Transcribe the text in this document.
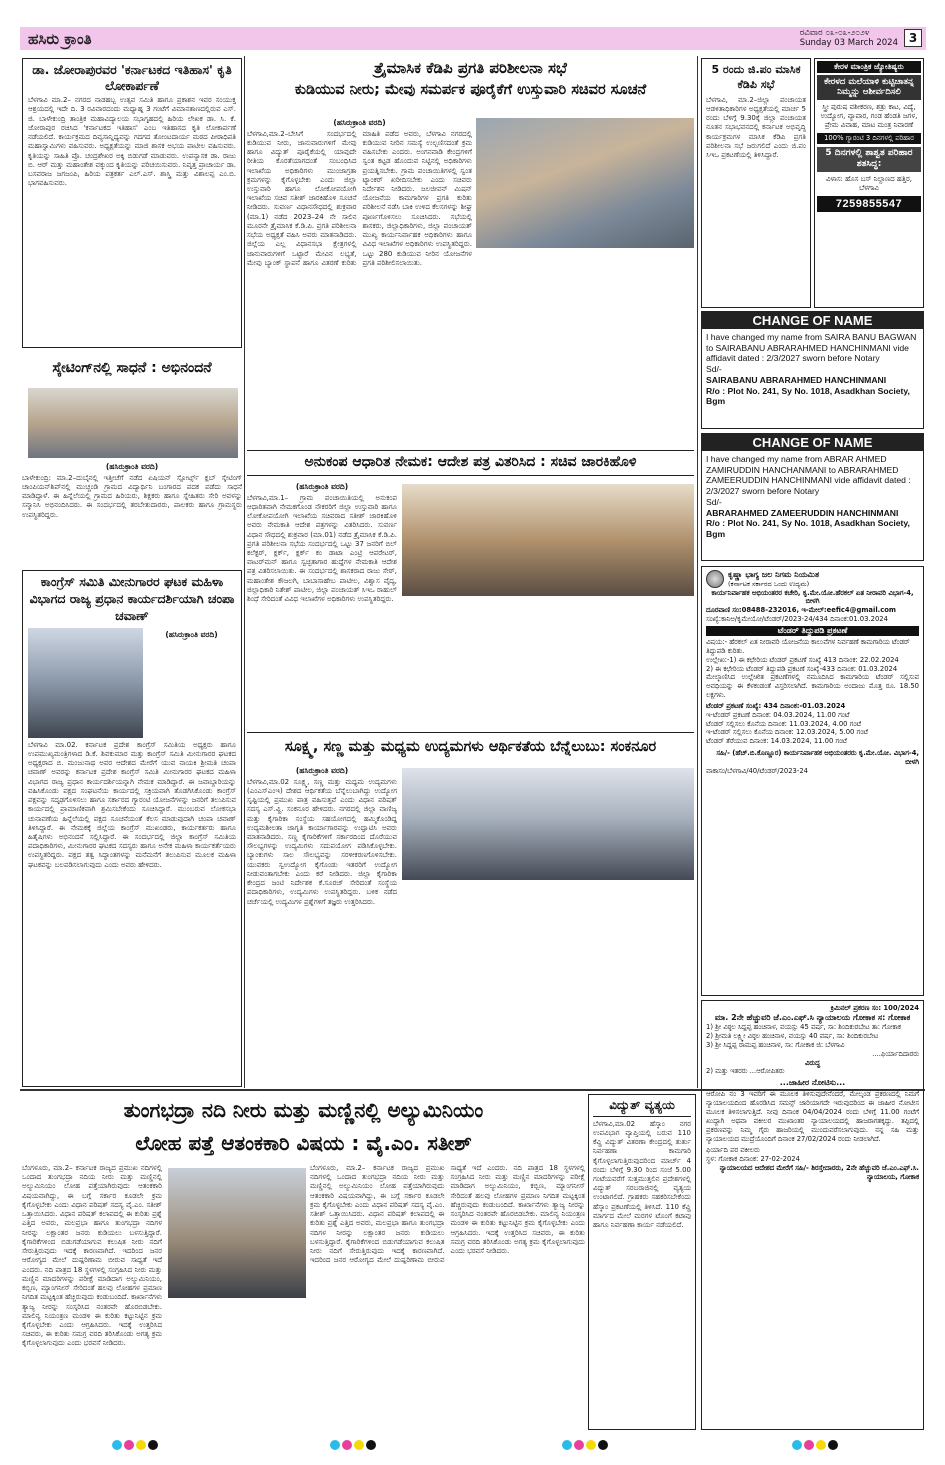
ಹಸಿರು ಕ್ರಾಂತಿ	ರವಿವಾರ ೦೩-೦೩-೨೦೨೪
Sunday 03 March 2024 3
ಡಾ. ಜೋರಾಪುರವರ 'ಕರ್ನಾಟಕದ ಇತಿಹಾಸ' ಕೃತಿ ಲೋಕಾರ್ಪಣೆ
ಬೆಳಗಾವಿ ಮಾ.2– ನಗರದ ನಾಡಹಬ್ಬ ಉತ್ಸವ ಸಮಿತಿ ಹಾಗೂ ಪ್ರಕಾಶನ ಇವರ ಸಂಯುಕ್ತ ಆಶ್ರಯದಲ್ಲಿ ಇದೇ ದಿ. 3 ರವಿವಾರದಂದು ಮಧ್ಯಾಹ್ನ 3 ಗಂಟೆಗೆ ವಿಮಾನತಾಣದಲ್ಲಿರುವ ಎಸ್. ಜಿ. ಬಾಳೇಕುಂದ್ರಿ ತಾಂತ್ರಿಕ ಮಹಾವಿದ್ಯಾಲಯ ಸಭಾಗೃಹದಲ್ಲಿ ಹಿರಿಯ ಲೇಖಕ ಡಾ. ಸಿ. ಕೆ. ಜೋರಾಪುರ ರಚಿಸಿದ 'ಕರ್ನಾಟಕದ ಇತಿಹಾಸ' ಎಂಬ ಇತಿಹಾಸದ ಕೃತಿ ಲೋಕಾರ್ಪಣೆ ನಡೆಯಲಿದೆ. ಕಾರ್ಯಕ್ರಮದ ದಿವ್ಯಸಾನ್ನಿಧ್ಯವನ್ನು ಗದಗದ ತೋಂಟದಾರ್ಯ ಮಠದ ಪೀಠಾಧಿಪತಿ ಮಹಾಸ್ವಾಮಿಗಳು ವಹಿಸುವರು. ಅಧ್ಯಕ್ಷತೆಯನ್ನು ಮಾಜಿ ಶಾಸಕ ಅಭಯ ಪಾಟೀಲ ವಹಿಸುವರು. ಕೃತಿಯನ್ನು ಸಾಹಿತಿ ಪ್ರೊ. ಚಂದ್ರಶೇಖರ ಅಕ್ಕಿ ಬಿಡುಗಡೆ ಮಾಡುವರು. ಉಪನ್ಯಾಸಕ ಡಾ. ರಾಜು ಬಿ. ಆರ್ ಮತ್ತು ಮಹಾಂತೇಶ ವಕ್ಕುಂದ ಕೃತಿಯನ್ನು ಪರಿಚಯಿಸುವರು. ನಿವೃತ್ತ ಪ್ರಾಚಾರ್ಯ ಡಾ. ಬಸವರಾಜ ಜಗಜಂಪಿ, ಹಿರಿಯ ಪತ್ರಕರ್ತ ಎಲ್.ಎಸ್. ಶಾಸ್ತ್ರಿ ಮತ್ತು ವಿಶಾಲಪ್ಪ ಎಂ.ಬಿ. ಭಾಗವಹಿಸುವರು.
ಸ್ಕೇಟಿಂಗ್‌ನಲ್ಲಿ ಸಾಧನೆ : ಅಭಿನಂದನೆ
(ಹಸಿರುಕ್ರಾಂತಿ ವರದಿ)
ಬಾಳೇಕುಂದ್ರಿ: ಮಾ.2–ದುಬೈನಲ್ಲಿ ಇತ್ತೀಚೆಗೆ ನಡೆದ ಏಷಿಯನ್ ಸ್ಪೋರ್ಟ್ಸ್ ಕ್ಲಬ್ ಸ್ಕೇಟಿಂಗ್ ಚಾಂಪಿಯನ್‌ಶಿಪ್‌ನಲ್ಲಿ ಮುಚ್ಚಂಡಿ ಗ್ರಾಮದ ವಿದ್ಯಾರ್ಥಿನಿ ಬಂಗಾರದ ಪದಕ ಪಡೆದು ಸಾಧನೆ ಮಾಡಿದ್ದಾಳೆ. ಈ ಹಿನ್ನೆಲೆಯಲ್ಲಿ ಗ್ರಾಮದ ಹಿರಿಯರು, ಶಿಕ್ಷಕರು ಹಾಗೂ ಸ್ನೇಹಿತರು ಸೇರಿ ಅವಳನ್ನು ಸನ್ಮಾನಿಸಿ ಅಭಿನಂದಿಸಿದರು. ಈ ಸಂದರ್ಭದಲ್ಲಿ ತರಬೇತುದಾರರು, ಪಾಲಕರು ಹಾಗೂ ಗ್ರಾಮಸ್ಥರು ಉಪಸ್ಥಿತರಿದ್ದರು.
ಕಾಂಗ್ರೆಸ್ ಸಮಿತಿ ಮೀನುಗಾರರ ಘಟಕ ಮಹಿಳಾ ವಿಭಾಗದ ರಾಜ್ಯ ಪ್ರಧಾನ ಕಾರ್ಯದರ್ಶಿಯಾಗಿ ಚಂಪಾ ಚವಾಣ್
(ಹಸಿರುಕ್ರಾಂತಿ ವರದಿ)
ಬೆಳಗಾವಿ ಮಾ.02. ಕರ್ನಾಟಕ ಪ್ರದೇಶ ಕಾಂಗ್ರೆಸ್ ಸಮಿತಿಯ ಅಧ್ಯಕ್ಷರು ಹಾಗೂ ಉಪಮುಖ್ಯಮಂತ್ರಿಗಳಾದ ಡಿ.ಕೆ. ಶಿವಕುಮಾರ ಮತ್ತು ಕಾಂಗ್ರೆಸ್ ಸಮಿತಿ ಮೀನುಗಾರರ ಘಟಕದ ಅಧ್ಯಕ್ಷರಾದ ಬಿ. ಮಂಜುನಾಥ ಅವರ ಆದೇಶದ ಮೇರೆಗೆ ಯುವ ನಾಯಕಿ ಶ್ರೀಮತಿ ಚಂಪಾ ಚವಾಣ್ ಅವರನ್ನು ಕರ್ನಾಟಕ ಪ್ರದೇಶ ಕಾಂಗ್ರೆಸ್ ಸಮಿತಿ ಮೀನುಗಾರರ ಘಟಕದ ಮಹಿಳಾ ವಿಭಾಗದ ರಾಜ್ಯ ಪ್ರಧಾನ ಕಾರ್ಯದರ್ಶಿಯನ್ನಾಗಿ ನೇಮಕ ಮಾಡಿದ್ದಾರೆ. ಈ ಜವಾಬ್ದಾರಿಯನ್ನು ವಹಿಸಿಕೊಂಡು ಪಕ್ಷದ ಸಂಘಟನೆಯ ಕಾರ್ಯದಲ್ಲಿ ಸಕ್ರಿಯವಾಗಿ ತೊಡಗಿಸಿಕೊಂಡು ಕಾಂಗ್ರೆಸ್ ಪಕ್ಷವನ್ನು ಸದೃಢಗೊಳಿಸಲು ಹಾಗೂ ಸರ್ಕಾರದ ಗ್ಯಾರಂಟಿ ಯೋಜನೆಗಳನ್ನು ಜನರಿಗೆ ತಲುಪಿಸುವ ಕಾರ್ಯದಲ್ಲಿ ಪ್ರಾಮಾಣಿಕವಾಗಿ ಶ್ರಮಿಸಬೇಕೆಂದು ಸೂಚಿಸಿದ್ದಾರೆ. ಮುಂಬರುವ ಲೋಕಸಭಾ ಚುನಾವಣೆಯ ಹಿನ್ನೆಲೆಯಲ್ಲಿ ಪಕ್ಷದ ಸೂಚನೆಯಂತೆ ಕೆಲಸ ಮಾಡುವುದಾಗಿ ಚಂಪಾ ಚವಾಣ್ ತಿಳಿಸಿದ್ದಾರೆ. ಈ ನೇಮಕಕ್ಕೆ ಜಿಲ್ಲೆಯ ಕಾಂಗ್ರೆಸ್ ಮುಖಂಡರು, ಕಾರ್ಯಕರ್ತರು ಹಾಗೂ ಹಿತೈಷಿಗಳು ಅಭಿನಂದನೆ ಸಲ್ಲಿಸಿದ್ದಾರೆ. ಈ ಸಂದರ್ಭದಲ್ಲಿ ಜಿಲ್ಲಾ ಕಾಂಗ್ರೆಸ್ ಸಮಿತಿಯ ಪದಾಧಿಕಾರಿಗಳು, ಮೀನುಗಾರರ ಘಟಕದ ಸದಸ್ಯರು ಹಾಗೂ ಅನೇಕ ಮಹಿಳಾ ಕಾರ್ಯಕರ್ತೆಯರು ಉಪಸ್ಥಿತರಿದ್ದರು. ಪಕ್ಷದ ತತ್ವ ಸಿದ್ಧಾಂತಗಳನ್ನು ಮನೆಮನೆಗೆ ತಲುಪಿಸುವ ಮೂಲಕ ಮಹಿಳಾ ಘಟಕವನ್ನು ಬಲಪಡಿಸಲಾಗುವುದು ಎಂದು ಅವರು ಹೇಳಿದರು.
ತ್ರೈಮಾಸಿಕ ಕೆಡಿಪಿ ಪ್ರಗತಿ ಪರಿಶೀಲನಾ ಸಭೆ
ಕುಡಿಯುವ ನೀರು; ಮೇವು ಸಮರ್ಪಕ ಪೂರೈಕೆಗೆ ಉಸ್ತುವಾರಿ ಸಚಿವರ ಸೂಚನೆ
(ಹಸಿರುಕ್ರಾಂತಿ ವರದಿ)
ಬೆಳಗಾವಿ,ಮಾ.2–ಬೇಸಿಗೆ ಸಂದರ್ಭದಲ್ಲಿ ಕುಡಿಯುವ ನೀರು, ಜಾನುವಾರುಗಳಿಗೆ ಮೇವು ಹಾಗೂ ವಿದ್ಯುತ್ ಪೂರೈಕೆಯಲ್ಲಿ ಯಾವುದೇ ರೀತಿಯ ಕೊರತೆಯಾಗದಂತೆ ಸಂಬಂಧಿಸಿದ ಇಲಾಖೆಯ ಅಧಿಕಾರಿಗಳು ಮುಂಜಾಗ್ರತಾ ಕ್ರಮಗಳನ್ನು ಕೈಗೊಳ್ಳಬೇಕು ಎಂದು ಜಿಲ್ಲಾ ಉಸ್ತುವಾರಿ ಹಾಗೂ ಲೋಕೋಪಯೋಗಿ ಇಲಾಖೆಯ ಸಚಿವ ಸತೀಶ್ ಜಾರಕಿಹೊಳಿ ಸೂಚನೆ ನೀಡಿದರು. ಸುವರ್ಣ ವಿಧಾನಸೌಧದಲ್ಲಿ ಶುಕ್ರವಾರ (ಮಾ.1) ನಡೆದ 2023–24 ನೇ ಸಾಲಿನ ಮೂರನೇ ತ್ರೈಮಾಸಿಕ ಕೆ.ಡಿ.ಪಿ. ಪ್ರಗತಿ ಪರಿಶೀಲನಾ ಸಭೆಯ ಅಧ್ಯಕ್ಷತೆ ವಹಿಸಿ ಅವರು ಮಾತನಾಡಿದರು. ಜಿಲ್ಲೆಯ ಎಲ್ಲ ವಿಧಾನಸಭಾ ಕ್ಷೇತ್ರಗಳಲ್ಲಿ ಜಾನುವಾರುಗಳಿಗೆ ಒಟ್ಟಾರೆ ಮೇವಿನ ಲಭ್ಯತೆ, ಮೇವು ಬ್ಯಾಂಕ್ ಸ್ಥಾಪನೆ ಹಾಗೂ ವಿತರಣೆ ಕುರಿತು ಮಾಹಿತಿ ಪಡೆದ ಅವರು, ಬೆಳಗಾವಿ ನಗರದಲ್ಲಿ ಕುಡಿಯುವ ನೀರಿನ ಸಮಸ್ಯೆ ಉಲ್ಬಣಿಸದಂತೆ ಕ್ರಮ ವಹಿಸಬೇಕು ಎಂದರು. ಅಂಗನವಾಡಿ ಕೇಂದ್ರಗಳಿಗೆ ಸ್ವಂತ ಕಟ್ಟಡ ಹೊಂದುವ ನಿಟ್ಟಿನಲ್ಲಿ ಅಧಿಕಾರಿಗಳು ಪ್ರಯತ್ನಿಸಬೇಕು. ಗ್ರಾಮ ಪಂಚಾಯಿತಿಗಳಲ್ಲಿ ಸ್ವಂತ ಟ್ಯಾಂಕರ್ ಖರೀದಿಸಬೇಕು ಎಂದು ಸಚಿವರು ನಿರ್ದೇಶನ ನೀಡಿದರು. ಜಲಜೀವನ್ ಮಿಷನ್ ಯೋಜನೆಯ ಕಾಮಗಾರಿಗಳ ಪ್ರಗತಿ ಕುರಿತು ಪರಿಶೀಲನೆ ನಡೆಸಿ ಬಾಕಿ ಉಳಿದ ಕೆಲಸಗಳನ್ನು ಶೀಘ್ರ ಪೂರ್ಣಗೊಳಿಸಲು ಸೂಚಿಸಿದರು. ಸಭೆಯಲ್ಲಿ ಶಾಸಕರು, ಜಿಲ್ಲಾಧಿಕಾರಿಗಳು, ಜಿಲ್ಲಾ ಪಂಚಾಯತ್ ಮುಖ್ಯ ಕಾರ್ಯನಿರ್ವಾಹಕ ಅಧಿಕಾರಿಗಳು ಹಾಗೂ ವಿವಿಧ ಇಲಾಖೆಗಳ ಅಧಿಕಾರಿಗಳು ಉಪಸ್ಥಿತರಿದ್ದರು. ಒಟ್ಟು 280 ಕುಡಿಯುವ ನೀರಿನ ಯೋಜನೆಗಳ ಪ್ರಗತಿ ಪರಿಶೀಲಿಸಲಾಯಿತು.
ಅನುಕಂಪ ಆಧಾರಿತ ನೇಮಕ: ಆದೇಶ ಪತ್ರ ವಿತರಿಸಿದ : ಸಚಿವ ಜಾರಕಿಹೊಳಿ
(ಹಸಿರುಕ್ರಾಂತಿ ವರದಿ)
ಬೆಳಗಾವಿ,ಮಾ.1– ಗ್ರಾಮ ಪಂಚಾಯಿತಿಯಲ್ಲಿ ಅನುಕಂಪ ಆಧಾರಿತವಾಗಿ ನೇಮಕಗೊಂಡ ನೌಕರರಿಗೆ ಜಿಲ್ಲಾ ಉಸ್ತುವಾರಿ ಹಾಗೂ ಲೋಕೋಪಯೋಗಿ ಇಲಾಖೆಯ ಸಚಿವರಾದ ಸತೀಶ್ ಜಾರಕಿಹೊಳಿ ಅವರು ನೇಮಕಾತಿ ಆದೇಶ ಪತ್ರಗಳನ್ನು ವಿತರಿಸಿದರು. ಸುವರ್ಣ ವಿಧಾನ ಸೌಧದಲ್ಲಿ ಶುಕ್ರವಾರ (ಮಾ.01) ನಡೆದ ತ್ರೈಮಾಸಿಕ ಕೆ.ಡಿ.ಪಿ. ಪ್ರಗತಿ ಪರಿಶೀಲನಾ ಸಭೆಯ ಸಂದರ್ಭದಲ್ಲಿ ಒಟ್ಟು 37 ಜನರಿಗೆ ಬಿಲ್ ಕಲೆಕ್ಟರ್, ಕ್ಲರ್ಕ್, ಕ್ಲರ್ಕ್ ಕಂ ಡಾಟಾ ಎಂಟ್ರಿ ಆಪರೇಟರ್, ವಾಟರ್‌ಮನ್ ಹಾಗೂ ಸ್ವಚ್ಛತಾಗಾರ ಹುದ್ದೆಗಳ ನೇಮಕಾತಿ ಆದೇಶ ಪತ್ರ ವಿತರಿಸಲಾಯಿತು. ಈ ಸಂದರ್ಭದಲ್ಲಿ ಶಾಸಕರಾದ ರಾಜು ಸೇಠ್, ಮಹಾಂತೇಶ ಕೌಜಲಗಿ, ಬಾಬಾಸಾಹೇಬ ಪಾಟೀಲ, ವಿಶ್ವಾಸ ವೈದ್ಯ, ಜಿಲ್ಲಾಧಿಕಾರಿ ನಿತೇಶ್ ಪಾಟೀಲ, ಜಿಲ್ಲಾ ಪಂಚಾಯತ್ ಸಿಇಒ ರಾಹುಲ್ ಶಿಂಧೆ ಸೇರಿದಂತೆ ವಿವಿಧ ಇಲಾಖೆಗಳ ಅಧಿಕಾರಿಗಳು ಉಪಸ್ಥಿತರಿದ್ದರು.
ಸೂಕ್ಷ್ಮ, ಸಣ್ಣ ಮತ್ತು ಮಧ್ಯಮ ಉದ್ಯಮಗಳು ಆರ್ಥಿಕತೆಯ ಬೆನ್ನೆಲುಬು: ಸಂಕನೂರ
(ಹಸಿರುಕ್ರಾಂತಿ ವರದಿ)
ಬೆಳಗಾವಿ,ಮಾ.02 ಸೂಕ್ಷ್ಮ, ಸಣ್ಣ ಮತ್ತು ಮಧ್ಯಮ ಉದ್ಯಮಗಳು (ಎಂಎಸ್‌ಎಂಇ) ದೇಶದ ಆರ್ಥಿಕತೆಯ ಬೆನ್ನೆಲುಬಾಗಿದ್ದು ಉದ್ಯೋಗ ಸೃಷ್ಟಿಯಲ್ಲಿ ಪ್ರಮುಖ ಪಾತ್ರ ವಹಿಸುತ್ತವೆ ಎಂದು ವಿಧಾನ ಪರಿಷತ್ ಸದಸ್ಯ ಎಸ್.ವ್ಹಿ. ಸಂಕನೂರ ಹೇಳಿದರು. ನಗರದಲ್ಲಿ ಜಿಲ್ಲಾ ವಾಣಿಜ್ಯ ಮತ್ತು ಕೈಗಾರಿಕಾ ಸಂಸ್ಥೆಯ ಸಹಯೋಗದಲ್ಲಿ ಹಮ್ಮಿಕೊಂಡಿದ್ದ ಉದ್ಯಮಶೀಲತಾ ಜಾಗೃತಿ ಕಾರ್ಯಾಗಾರವನ್ನು ಉದ್ಘಾಟಿಸಿ ಅವರು ಮಾತನಾಡಿದರು. ಸಣ್ಣ ಕೈಗಾರಿಕೆಗಳಿಗೆ ಸರ್ಕಾರದಿಂದ ದೊರೆಯುವ ಸೌಲಭ್ಯಗಳನ್ನು ಉದ್ಯಮಿಗಳು ಸದುಪಯೋಗ ಪಡಿಸಿಕೊಳ್ಳಬೇಕು. ಬ್ಯಾಂಕುಗಳು ಸಾಲ ಸೌಲಭ್ಯವನ್ನು ಸರಳೀಕರಣಗೊಳಿಸಬೇಕು. ಯುವಕರು ಸ್ವಉದ್ಯೋಗ ಕೈಗೊಂಡು ಇತರರಿಗೆ ಉದ್ಯೋಗ ನೀಡುವಂತಾಗಬೇಕು ಎಂದು ಕರೆ ನೀಡಿದರು. ಜಿಲ್ಲಾ ಕೈಗಾರಿಕಾ ಕೇಂದ್ರದ ಜಂಟಿ ನಿರ್ದೇಶಕ ಕೆ.ಸೂರಜ್ ಸೇರಿದಂತೆ ಸಂಸ್ಥೆಯ ಪದಾಧಿಕಾರಿಗಳು, ಉದ್ಯಮಿಗಳು ಉಪಸ್ಥಿತರಿದ್ದರು. ಬಳಿಕ ನಡೆದ ಚರ್ಚೆಯಲ್ಲಿ ಉದ್ಯಮಿಗಳ ಪ್ರಶ್ನೆಗಳಿಗೆ ತಜ್ಞರು ಉತ್ತರಿಸಿದರು.
5 ರಂದು ಜಿ.ಪಂ ಮಾಸಿಕ ಕೆಡಿಪಿ ಸಭೆ
ಬೆಳಗಾವಿ, ಮಾ.2–ಜಿಲ್ಲಾ ಪಂಚಾಯತ ಆಡಳಿತಾಧಿಕಾರಿಗಳ ಅಧ್ಯಕ್ಷತೆಯಲ್ಲಿ ಮಾರ್ಚ 5 ರಂದು ಬೆಳಿಗ್ಗೆ 9.30ಕ್ಕೆ ಜಿಲ್ಲಾ ಪಂಚಾಯತ ನೂತನ ಸಭಾಭವನದಲ್ಲಿ ಕರ್ನಾಟಕ ಅಭಿವೃದ್ಧಿ ಕಾರ್ಯಕ್ರಮಗಳ ಮಾಸಿಕ ಕೆಡಿಪಿ ಪ್ರಗತಿ ಪರಿಶೀಲನಾ ಸಭೆ ಜರುಗಲಿದೆ ಎಂದು ಜಿ.ಪಂ ಸಿಇಒ ಪ್ರಕಟಣೆಯಲ್ಲಿ ತಿಳಿಸಿದ್ದಾರೆ.
ಕೇರಳ ಮಾಂತ್ರಿಕ ಜ್ಯೋತಿಷ್ಯರು
ಕೇರಳದ ಮಲೆಯಾಳಿ ಕುಟ್ಟಿಚಾತನ್ನ ನಿಮ್ಮನ್ನು ಆಶೀರ್ವದಿಸಲಿ
ಸ್ತ್ರೀ ಪುರುಷ ವಶೀಕರಣ, ಶತ್ರು ಕಾಟ, ವಿದ್ಯೆ, ಉದ್ಯೋಗ, ವ್ಯಾಪಾರ, ಗಂಡ ಹೆಂಡತಿ ಜಗಳ, ಪ್ರೇಮ ವಿವಾಹ, ಮಾಟ ಮಂತ್ರ ನಿವಾರಣೆ
100% ಗ್ಯಾರಂಟಿ 3 ದಿನಗಳಲ್ಲಿ ಪರಿಹಾರ
5 ದಿನಗಳಲ್ಲಿ ಶಾಶ್ವತ ಪರಿಹಾರ ಶತಸಿದ್ಧ:
ವಿಳಾಸ: ಹೊಸ ಬಸ್ ನಿಲ್ದಾಣದ ಹತ್ತಿರ, ಬೆಳಗಾವಿ
7259855547
CHANGE OF NAME
I have changed my name from SAIRA BANU BAGWAN to SAIRABANU ABRARAHMED HANCHINMANI vide affidavit dated : 2/3/2027 sworn before Notary
Sd/-
SAIRABANU ABRARAHMED HANCHINMANI
R/o : Plot No. 241, Sy No. 1018, Asadkhan Society, Bgm
CHANGE OF NAME
I have changed my name from ABRAR AHMED ZAMIRUDDIN HANCHANMANI to ABRARAHMED ZAMEERUDDIN HANCHINMANI vide affidavit dated : 2/3/2027 sworn before Notary
Sd/-
ABRARAHMED ZAMEERUDDIN HANCHINMANI
R/o : Plot No. 241, Sy No. 1018, Asadkhan Society, Bgm
ಕೃಷ್ಣಾ ಭಾಗ್ಯ ಜಲ ನಿಗಮ ನಿಯಮಿತ
(ಕರ್ನಾಟಕ ಸರ್ಕಾರದ ಒಂದು ಉದ್ಯಮ)
ಕಾರ್ಯನಿರ್ವಾಹಕ ಅಭಿಯಂತರರ ಕಚೇರಿ, ಕೃ.ಮೇ.ಯೋ.ಹೆರಕಲ್ ಏತ ನೀರಾವರಿ ವಿಭಾಗ-4, ಬೀಳಗಿ
ದೂರವಾಣಿ ಸಂ:08488-232016, ಇ-ಮೇಲ್:eefic4@gmail.com
ಸಂಖ್ಯೆ:ಕಾನಿಅ/ಕೃಮೇಯೋ/ಟೆಂಡರ್/2023-24/434 ದಿನಾಂಕ:01.03.2024
ಟೆಂಡರ್ ತಿದ್ದುಪಡಿ ಪ್ರಕಟಣೆ
ವಿಷಯ:- ಹೆರಕಲ್ ಏತ ನೀರಾವರಿ ಯೋಜನೆಯ ಕಾಲುವೆಗಳ ನಿರ್ವಹಣೆ ಕಾಮಗಾರಿಯ ಟೆಂಡರ್ ತಿದ್ದುಪಡಿ ಕುರಿತು.
ಉಲ್ಲೇಖ:-1) ಈ ಕಛೇರಿಯ ಟೆಂಡರ್ ಪ್ರಕಟಣೆ ಸಂಖ್ಯೆ 413 ದಿನಾಂಕ: 22.02.2024
2) ಈ ಕಛೇರಿಯ ಟೆಂಡರ್ ತಿದ್ದುಪಡಿ ಪ್ರಕಟಣೆ ಸಂಖ್ಯೆ-433 ದಿನಾಂಕ: 01.03.2024
ಮೇಲ್ಕಾಣಿಸಿದ ಉಲ್ಲೇಖಿತ ಪ್ರಕಟಣೆಗಳಲ್ಲಿ ನಮೂದಿಸಿದ ಕಾಮಗಾರಿಯ ಟೆಂಡರ್ ಸಲ್ಲಿಸುವ ಅವಧಿಯನ್ನು ಈ ಕೆಳಕಂಡಂತೆ ವಿಸ್ತರಿಸಲಾಗಿದೆ. ಕಾಮಗಾರಿಯ ಅಂದಾಜು ಮೊತ್ತ ರೂ. 18.50 ಲಕ್ಷಗಳು.
ಟೆಂಡರ್ ಪ್ರಕಟಣೆ ಸಂಖ್ಯೆ: 434 ದಿನಾಂಕ:-01.03.2024
ಇ-ಟೆಂಡರ್ ಪ್ರಕಟಣೆ ದಿನಾಂಕ: 04.03.2024, 11.00 ಗಂಟೆ
ಟೆಂಡರ್ ಸಲ್ಲಿಸಲು ಕೊನೆಯ ದಿನಾಂಕ: 11.03.2024, 4.00 ಗಂಟೆ
ಇ-ಟೆಂಡರ್ ಸಲ್ಲಿಸಲು ಕೊನೆಯ ದಿನಾಂಕ: 12.03.2024, 5.00 ಗಂಟೆ
ಟೆಂಡರ್ ತೆರೆಯುವ ದಿನಾಂಕ: 14.03.2024, 11.00 ಗಂಟೆ
ಸಹಿ/- (ಹೆಚ್.ಬಿ.ಕೊಣ್ಣೂರ) ಕಾರ್ಯನಿರ್ವಾಹಕ ಅಭಿಯಂತರರು ಕೃ.ಮೇ.ಯೋ. ವಿಭಾಗ-4, ಬೀಳಗಿ
ವಾಕಾಸಂ/ಬೆಳಗಾವಿ/40/ಟೆಂಡರ್/2023-24
ಕ್ರಿಮಿನಲ್ ಪ್ರಕರಣ ಸಂ: 100/2024
ಮಾ. 2ನೇ ಹೆಚ್ಚುವರಿ ಜೆ.ಎಂ.ಎಫ್.ಸಿ ನ್ಯಾಯಾಲಯ ಗೋಕಾಕ ಸ: ಗೋಕಾಕ
1) ಶ್ರೀ ವಿಠ್ಠಲ ಸಿದ್ದಪ್ಪ ಹಂಚಿನಾಳ, ವಯಸ್ಸು 45 ವರ್ಷ, ಸಾ: ಶಿಂದಿಕುರಬೇಟ ತಾ: ಗೋಕಾಕ
2) ಶ್ರೀಮತಿ ಲಕ್ಷ್ಮೀ ವಿಠ್ಠಲ ಹಂಚಿನಾಳ, ವಯಸ್ಸು 40 ವರ್ಷ, ಸಾ: ಶಿಂದಿಕುರಬೇಟ
3) ಶ್ರೀ ಸಿದ್ದಪ್ಪ ರಾಮಪ್ಪ ಹಂಚಿನಾಳ, ಸಾ: ಗೋಕಾಕ ಜಿ: ಬೆಳಗಾವಿ
....ಫಿರ್ಯಾದಿದಾರರು
ವಿರುದ್ಧ
2) ಮತ್ತು ಇತರರು ...ಆರೋಪಿತರು
...ಜಾಹೀರ ನೋಟಿಸು...
ಆರೋಪಿ ನಂ 3 ಇವರಿಗೆ ಈ ಮೂಲಕ ತಿಳಿಸುವುದೇನೆಂದರೆ, ಮೇಲ್ಕಂಡ ಪ್ರಕರಣದಲ್ಲಿ ನಿಮಗೆ ನ್ಯಾಯಾಲಯದಿಂದ ಹೊರಡಿಸಿದ ಸಮನ್ಸ್ ಜಾರಿಯಾಗದೇ ಇರುವುದರಿಂದ ಈ ಜಾಹೀರ ನೋಟೀಸ ಮೂಲಕ ತಿಳಿಸಲಾಗುತ್ತಿದೆ. ನೀವು ದಿನಾಂಕ 04/04/2024 ರಂದು ಬೆಳಿಗ್ಗೆ 11.00 ಗಂಟೆಗೆ ಖುದ್ದಾಗಿ ಅಥವಾ ವಕೀಲರ ಮುಖಾಂತರ ನ್ಯಾಯಾಲಯದಲ್ಲಿ ಹಾಜರಾಗತಕ್ಕದ್ದು. ತಪ್ಪಿದಲ್ಲಿ ಪ್ರಕರಣವನ್ನು ನಿಮ್ಮ ಗೈರು ಹಾಜರಿಯಲ್ಲಿ ಮುಂದುವರೆಸಲಾಗುವುದು. ನನ್ನ ಸಹಿ ಮತ್ತು ನ್ಯಾಯಾಲಯದ ಮುದ್ರೆಯೊಂದಿಗೆ ದಿನಾಂಕ 27/02/2024 ರಂದು ನೀಡಲಾಗಿದೆ.
ಫಿರ್ಯಾದಿ ಪರ ವಕೀಲರು
ಸ್ಥಳ: ಗೋಕಾಕ ದಿನಾಂಕ: 27-02-2024
ನ್ಯಾಯಾಲಯದ ಆದೇಶದ ಮೇರೆಗೆ ಸಹಿ/- ಶಿರಸ್ತೇದಾರರು, 2ನೇ ಹೆಚ್ಚುವರಿ ಜೆ.ಎಂ.ಎಫ್.ಸಿ. ನ್ಯಾಯಾಲಯ, ಗೋಕಾಕ
ತುಂಗಭದ್ರಾ ನದಿ ನೀರು ಮತ್ತು ಮಣ್ಣಿನಲ್ಲಿ ಅಲ್ಯುಮಿನಿಯಂ
ಲೋಹ ಪತ್ತೆ ಆತಂಕಕಾರಿ ವಿಷಯ : ವೈ.ಎಂ. ಸತೀಶ್
ಬೆಂಗಳೂರು, ಮಾ.2– ಕರ್ನಾಟಕ ರಾಜ್ಯದ ಪ್ರಮುಖ ನದಿಗಳಲ್ಲಿ ಒಂದಾದ ತುಂಗಭದ್ರಾ ನದಿಯ ನೀರು ಮತ್ತು ಮಣ್ಣಿನಲ್ಲಿ ಅಲ್ಯುಮಿನಿಯಂ ಲೋಹ ಪತ್ತೆಯಾಗಿರುವುದು ಆತಂಕಕಾರಿ ವಿಷಯವಾಗಿದ್ದು, ಈ ಬಗ್ಗೆ ಸರ್ಕಾರ ಕೂಡಲೇ ಕ್ರಮ ಕೈಗೊಳ್ಳಬೇಕು ಎಂದು ವಿಧಾನ ಪರಿಷತ್ ಸದಸ್ಯ ವೈ.ಎಂ. ಸತೀಶ್ ಒತ್ತಾಯಿಸಿದರು. ವಿಧಾನ ಪರಿಷತ್ ಕಲಾಪದಲ್ಲಿ ಈ ಕುರಿತು ಪ್ರಶ್ನೆ ಎತ್ತಿದ ಅವರು, ಮಲಪ್ರಭಾ ಹಾಗೂ ತುಂಗಭದ್ರಾ ನದಿಗಳ ನೀರನ್ನು ಲಕ್ಷಾಂತರ ಜನರು ಕುಡಿಯಲು ಬಳಸುತ್ತಿದ್ದಾರೆ. ಕೈಗಾರಿಕೆಗಳಿಂದ ಬಿಡುಗಡೆಯಾಗುವ ಕಲುಷಿತ ನೀರು ನದಿಗೆ ಸೇರುತ್ತಿರುವುದು ಇದಕ್ಕೆ ಕಾರಣವಾಗಿದೆ. ಇದರಿಂದ ಜನರ ಆರೋಗ್ಯದ ಮೇಲೆ ದುಷ್ಪರಿಣಾಮ ಬೀರುವ ಸಾಧ್ಯತೆ ಇದೆ ಎಂದರು. ನದಿ ಪಾತ್ರದ 18 ಸ್ಥಳಗಳಲ್ಲಿ ಸಂಗ್ರಹಿಸಿದ ನೀರು ಮತ್ತು ಮಣ್ಣಿನ ಮಾದರಿಗಳನ್ನು ಪರೀಕ್ಷೆ ಮಾಡಿದಾಗ ಅಲ್ಯುಮಿನಿಯಂ, ಕಬ್ಬಿಣ, ಮ್ಯಾಂಗನೀಸ್ ಸೇರಿದಂತೆ ಹಲವು ಲೋಹಗಳ ಪ್ರಮಾಣ ನಿಗದಿತ ಮಟ್ಟಕ್ಕಿಂತ ಹೆಚ್ಚಿರುವುದು ಕಂಡುಬಂದಿದೆ. ಕಾರ್ಖಾನೆಗಳು ತ್ಯಾಜ್ಯ ನೀರನ್ನು ಸಂಸ್ಕರಿಸಿದ ನಂತರವೇ ಹೊರಬಿಡಬೇಕು. ಮಾಲಿನ್ಯ ನಿಯಂತ್ರಣ ಮಂಡಳಿ ಈ ಕುರಿತು ಕಟ್ಟುನಿಟ್ಟಿನ ಕ್ರಮ ಕೈಗೊಳ್ಳಬೇಕು ಎಂದು ಆಗ್ರಹಿಸಿದರು. ಇದಕ್ಕೆ ಉತ್ತರಿಸಿದ ಸಚಿವರು, ಈ ಕುರಿತು ಸಮಗ್ರ ವರದಿ ತರಿಸಿಕೊಂಡು ಅಗತ್ಯ ಕ್ರಮ ಕೈಗೊಳ್ಳಲಾಗುವುದು ಎಂದು ಭರವಸೆ ನೀಡಿದರು.
ಬೆಂಗಳೂರು, ಮಾ.2– ಕರ್ನಾಟಕ ರಾಜ್ಯದ ಪ್ರಮುಖ ನದಿಗಳಲ್ಲಿ ಒಂದಾದ ತುಂಗಭದ್ರಾ ನದಿಯ ನೀರು ಮತ್ತು ಮಣ್ಣಿನಲ್ಲಿ ಅಲ್ಯುಮಿನಿಯಂ ಲೋಹ ಪತ್ತೆಯಾಗಿರುವುದು ಆತಂಕಕಾರಿ ವಿಷಯವಾಗಿದ್ದು, ಈ ಬಗ್ಗೆ ಸರ್ಕಾರ ಕೂಡಲೇ ಕ್ರಮ ಕೈಗೊಳ್ಳಬೇಕು ಎಂದು ವಿಧಾನ ಪರಿಷತ್ ಸದಸ್ಯ ವೈ.ಎಂ. ಸತೀಶ್ ಒತ್ತಾಯಿಸಿದರು. ವಿಧಾನ ಪರಿಷತ್ ಕಲಾಪದಲ್ಲಿ ಈ ಕುರಿತು ಪ್ರಶ್ನೆ ಎತ್ತಿದ ಅವರು, ಮಲಪ್ರಭಾ ಹಾಗೂ ತುಂಗಭದ್ರಾ ನದಿಗಳ ನೀರನ್ನು ಲಕ್ಷಾಂತರ ಜನರು ಕುಡಿಯಲು ಬಳಸುತ್ತಿದ್ದಾರೆ. ಕೈಗಾರಿಕೆಗಳಿಂದ ಬಿಡುಗಡೆಯಾಗುವ ಕಲುಷಿತ ನೀರು ನದಿಗೆ ಸೇರುತ್ತಿರುವುದು ಇದಕ್ಕೆ ಕಾರಣವಾಗಿದೆ. ಇದರಿಂದ ಜನರ ಆರೋಗ್ಯದ ಮೇಲೆ ದುಷ್ಪರಿಣಾಮ ಬೀರುವ ಸಾಧ್ಯತೆ ಇದೆ ಎಂದರು. ನದಿ ಪಾತ್ರದ 18 ಸ್ಥಳಗಳಲ್ಲಿ ಸಂಗ್ರಹಿಸಿದ ನೀರು ಮತ್ತು ಮಣ್ಣಿನ ಮಾದರಿಗಳನ್ನು ಪರೀಕ್ಷೆ ಮಾಡಿದಾಗ ಅಲ್ಯುಮಿನಿಯಂ, ಕಬ್ಬಿಣ, ಮ್ಯಾಂಗನೀಸ್ ಸೇರಿದಂತೆ ಹಲವು ಲೋಹಗಳ ಪ್ರಮಾಣ ನಿಗದಿತ ಮಟ್ಟಕ್ಕಿಂತ ಹೆಚ್ಚಿರುವುದು ಕಂಡುಬಂದಿದೆ. ಕಾರ್ಖಾನೆಗಳು ತ್ಯಾಜ್ಯ ನೀರನ್ನು ಸಂಸ್ಕರಿಸಿದ ನಂತರವೇ ಹೊರಬಿಡಬೇಕು. ಮಾಲಿನ್ಯ ನಿಯಂತ್ರಣ ಮಂಡಳಿ ಈ ಕುರಿತು ಕಟ್ಟುನಿಟ್ಟಿನ ಕ್ರಮ ಕೈಗೊಳ್ಳಬೇಕು ಎಂದು ಆಗ್ರಹಿಸಿದರು. ಇದಕ್ಕೆ ಉತ್ತರಿಸಿದ ಸಚಿವರು, ಈ ಕುರಿತು ಸಮಗ್ರ ವರದಿ ತರಿಸಿಕೊಂಡು ಅಗತ್ಯ ಕ್ರಮ ಕೈಗೊಳ್ಳಲಾಗುವುದು ಎಂದು ಭರವಸೆ ನೀಡಿದರು.
ವಿದ್ಯುತ್ ವ್ಯತ್ಯಯ
ಬೆಳಗಾವಿ,ಮಾ.02 ಹೆಸ್ಕಾಂ ನಗರ ಉಪವಿಭಾಗ ವ್ಯಾಪ್ತಿಯಲ್ಲಿ ಬರುವ 110 ಕೆವ್ಹಿ ವಿದ್ಯುತ್ ವಿತರಣಾ ಕೇಂದ್ರದಲ್ಲಿ ತುರ್ತು ನಿರ್ವಹಣಾ ಕಾಮಗಾರಿ ಕೈಗೊಳ್ಳಲಾಗುತ್ತಿರುವುದರಿಂದ ಮಾರ್ಚ್ 4 ರಂದು ಬೆಳಿಗ್ಗೆ 9.30 ರಿಂದ ಸಂಜೆ 5.00 ಗಂಟೆಯವರೆಗೆ ಸುತ್ತಮುತ್ತಲಿನ ಪ್ರದೇಶಗಳಲ್ಲಿ ವಿದ್ಯುತ್ ಸರಬರಾಜಿನಲ್ಲಿ ವ್ಯತ್ಯಯ ಉಂಟಾಗಲಿದೆ. ಗ್ರಾಹಕರು ಸಹಕರಿಸಬೇಕೆಂದು ಹೆಸ್ಕಾಂ ಪ್ರಕಟಣೆಯಲ್ಲಿ ತಿಳಿಸಿದೆ. 110 ಕೆವ್ಹಿ ಮಾರ್ಗದ ಮೇಲೆ ಮರಗಳ ಟೊಂಗೆ ಕಟಾವು ಹಾಗೂ ನಿರ್ವಹಣಾ ಕಾರ್ಯ ನಡೆಯಲಿದೆ.
